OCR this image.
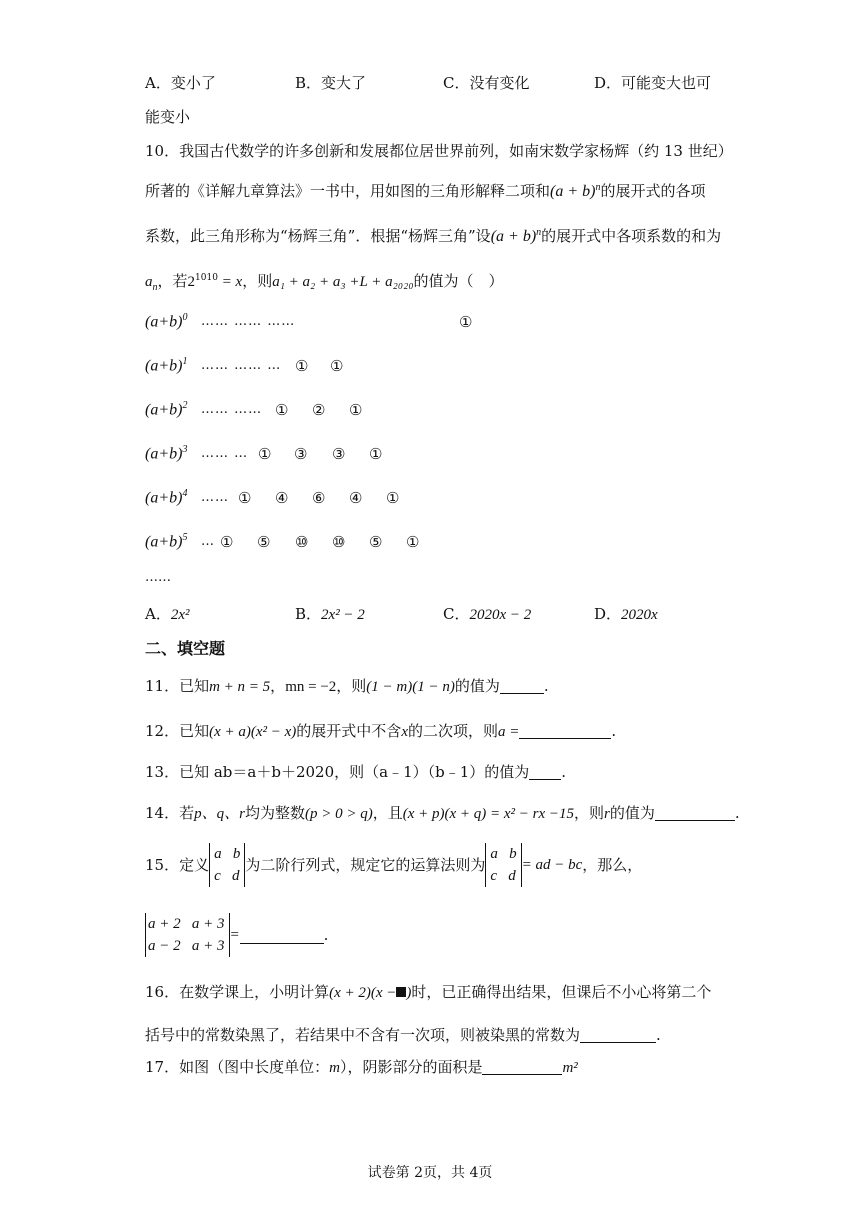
A．变小了	B．变大了	C．没有变化	D．可能变大也可
能变小
10．我国古代数学的许多创新和发展都位居世界前列，如南宋数学家杨辉（约 13 世纪）
所著的《详解九章算法》一书中，用如图的三角形解释二项和$(a + b)^n$的展开式的各项
系数，此三角形称为“杨辉三角”．根据“杨辉三角”设$(a + b)^n$的展开式中各项系数的和为
$a_n$，若$2^{1010} = x$，则a₁ + a₂ + a₃ +L + a₂₀₂₀的值为（　）
$(a+b)^0$ …… …… ……	①
$(a+b)^1$ …… …… … ① ①
$(a+b)^2$ …… …… ① ② ①
$(a+b)^3$ …… … ① ③ ③ ①
$(a+b)^4$ …… ① ④ ⑥ ④ ①
$(a+b)^5$ … ① ⑤ ⑩ ⑩ ⑤ ①
……
A．2x²	B．2x² − 2	C．2020x − 2	D．2020x
二、填空题
11．已知m + n = 5，mn = −2，则(1 − m)(1 − n)的值为	.
12．已知(x + a)(x² − x)的展开式中不含x的二次项，则a =	.
13．已知 ab＝a＋b＋2020，则（a﹣1）（b﹣1）的值为 .
14．若p、q、r均为整数(p > 0 > q)，且(x + p)(x + q) = x² − rx −15，则r的值为	.
15．定义a b
c d为二阶行列式，规定它的运算法则为a b
c d= ad − bc，那么，
a + 2 a + 3
a − 2 a + 3=	.
16．在数学课上，小明计算(x + 2)(x − )时，已正确得出结果，但课后不小心将第二个
括号中的常数染黑了，若结果中不含有一次项，则被染黑的常数为	.
17．如图（图中长度单位：m），阴影部分的面积是	m²
试卷第 2页，共 4页
